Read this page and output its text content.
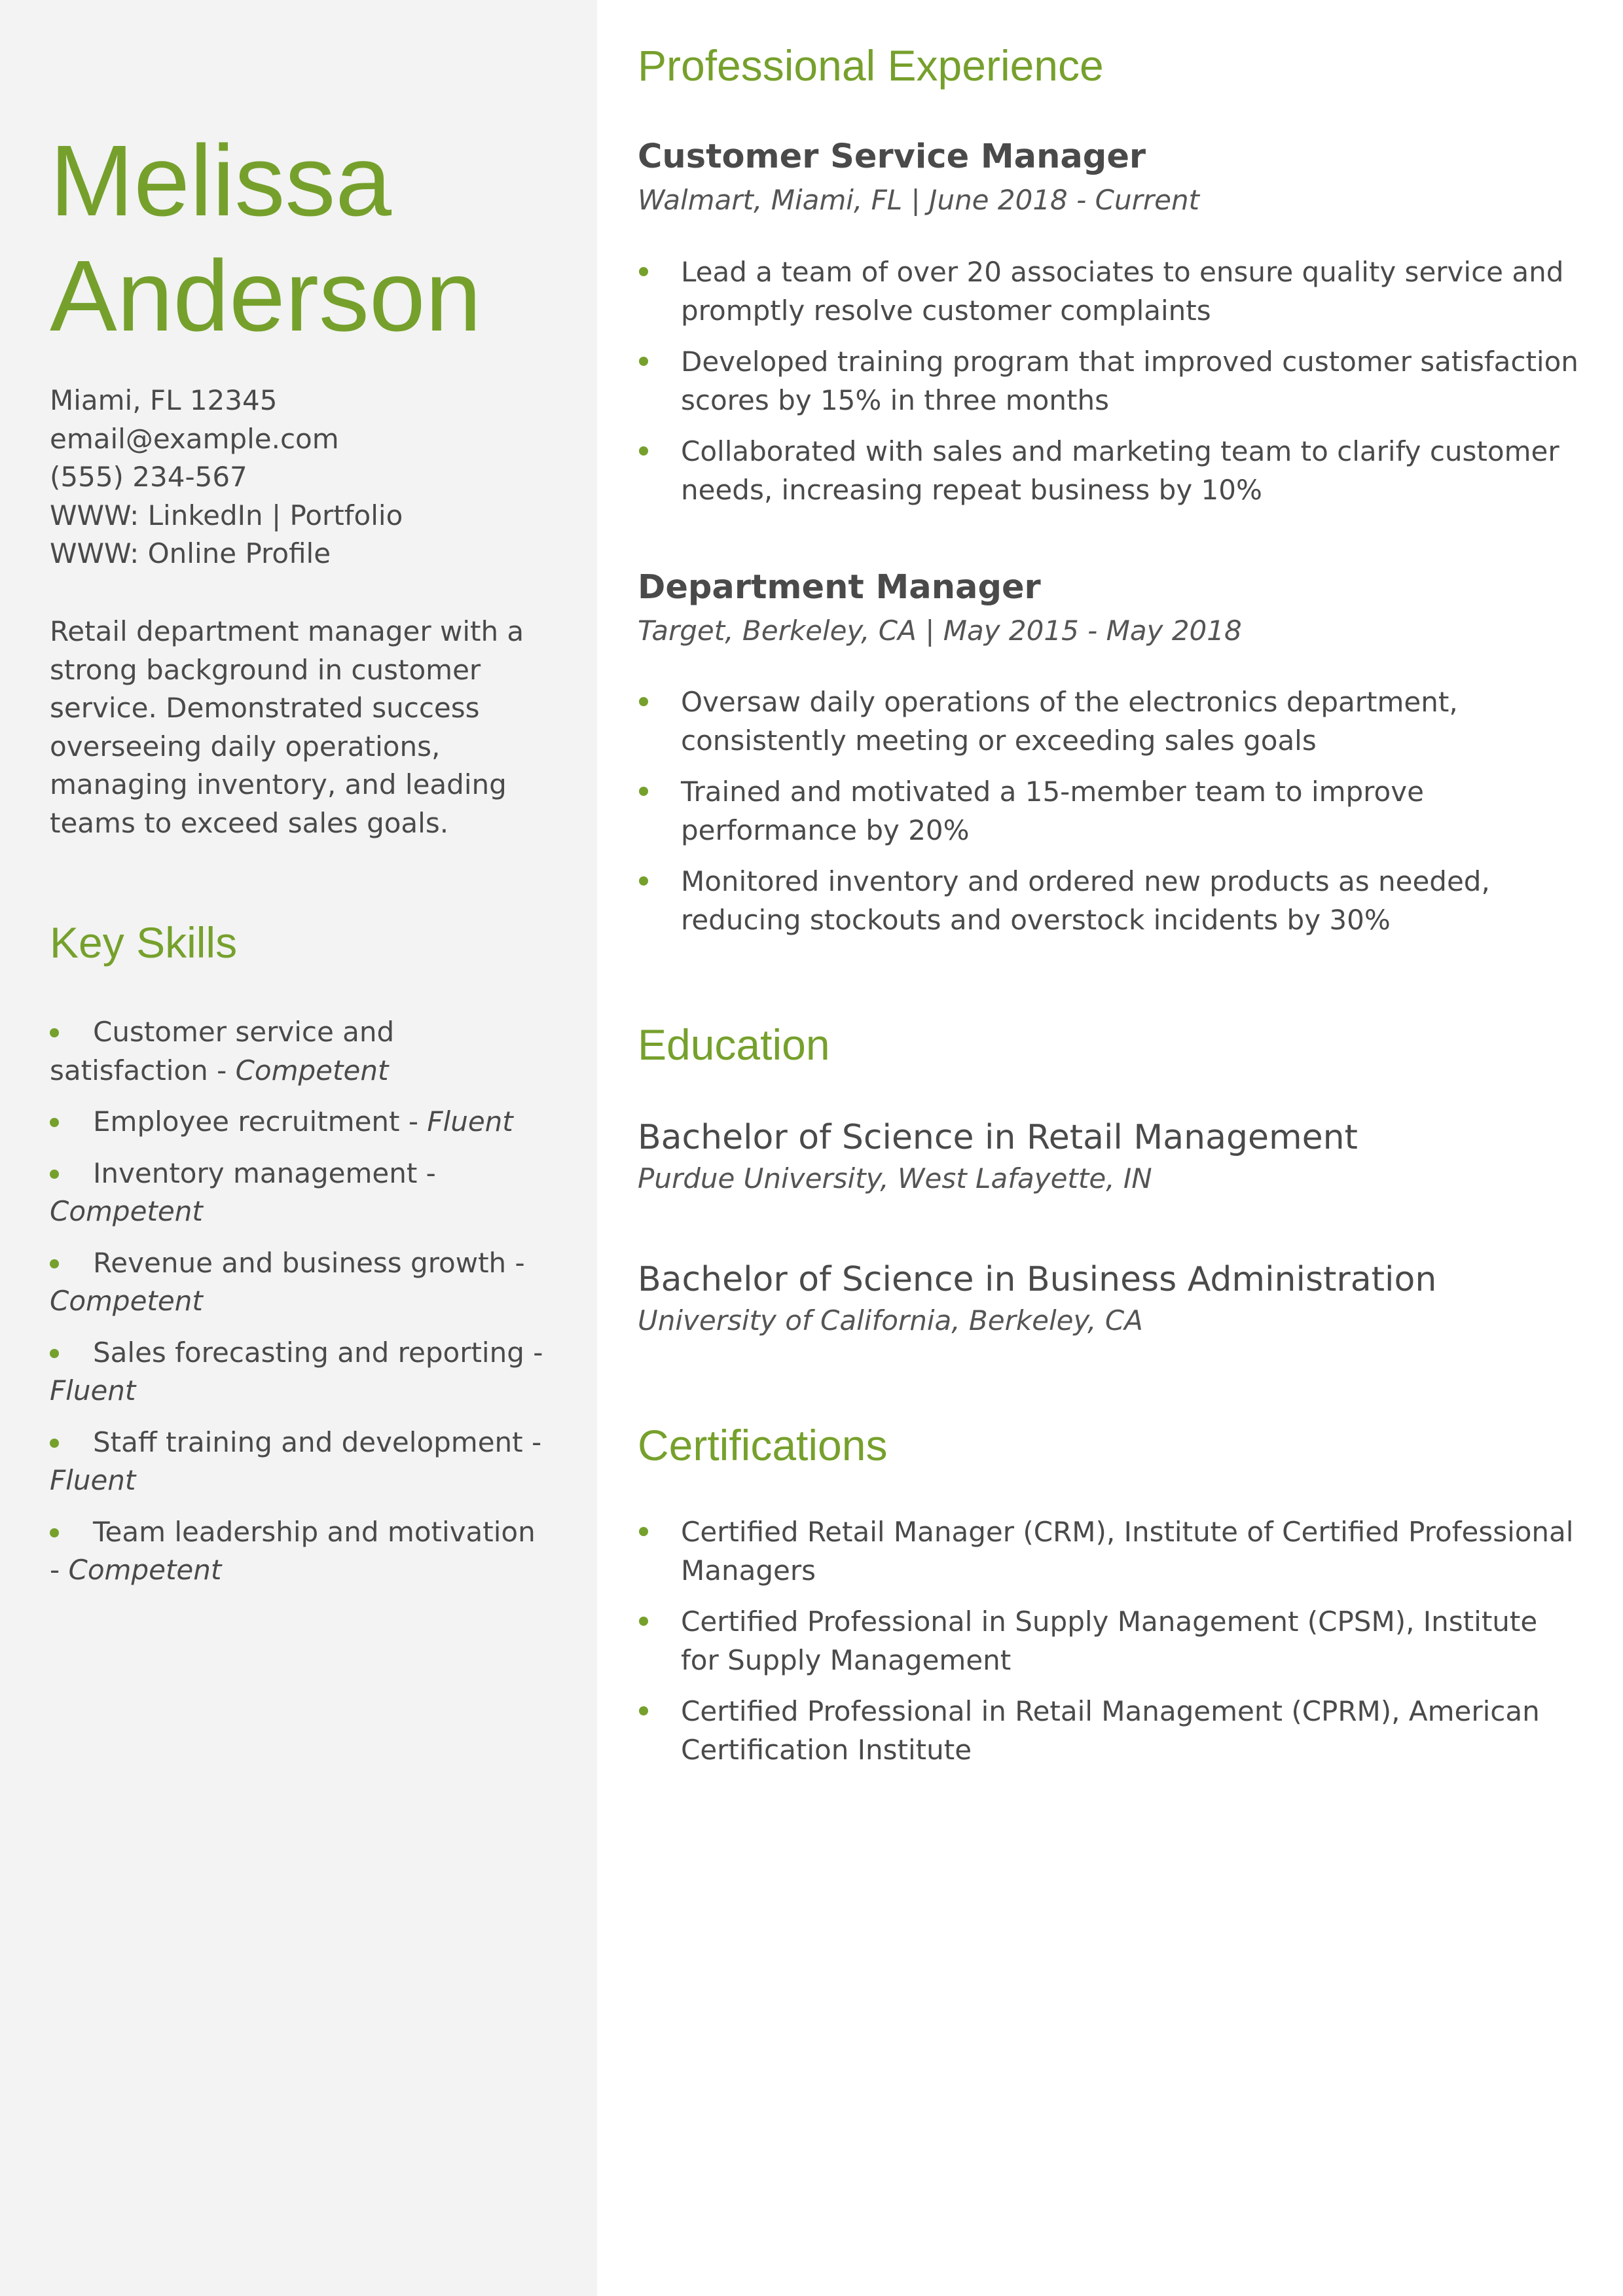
Melissa
Anderson
Miami, FL 12345
email@example.com
(555) 234-567
WWW: LinkedIn | Portfolio
WWW: Online Profile
Retail department manager with a strong background in customer service. Demonstrated success overseeing daily operations, managing inventory, and leading teams to exceed sales goals.
Key Skills
Customer service and satisfaction - Competent
Employee recruitment - Fluent
Inventory management - Competent
Revenue and business growth - Competent
Sales forecasting and reporting - Fluent
Staff training and development - Fluent
Team leadership and motivation - Competent
Professional Experience
Customer Service Manager
Walmart, Miami, FL | June 2018 - Current
Lead a team of over 20 associates to ensure quality service and promptly resolve customer complaints
Developed training program that improved customer satisfaction scores by 15% in three months
Collaborated with sales and marketing team to clarify customer needs, increasing repeat business by 10%
Department Manager
Target, Berkeley, CA | May 2015 - May 2018
Oversaw daily operations of the electronics department, consistently meeting or exceeding sales goals
Trained and motivated a 15-member team to improve performance by 20%
Monitored inventory and ordered new products as needed, reducing stockouts and overstock incidents by 30%
Education
Bachelor of Science in Retail Management
Purdue University, West Lafayette, IN
Bachelor of Science in Business Administration
University of California, Berkeley, CA
Certifications
Certified Retail Manager (CRM), Institute of Certified Professional Managers
Certified Professional in Supply Management (CPSM), Institute for Supply Management
Certified Professional in Retail Management (CPRM), American Certification Institute
